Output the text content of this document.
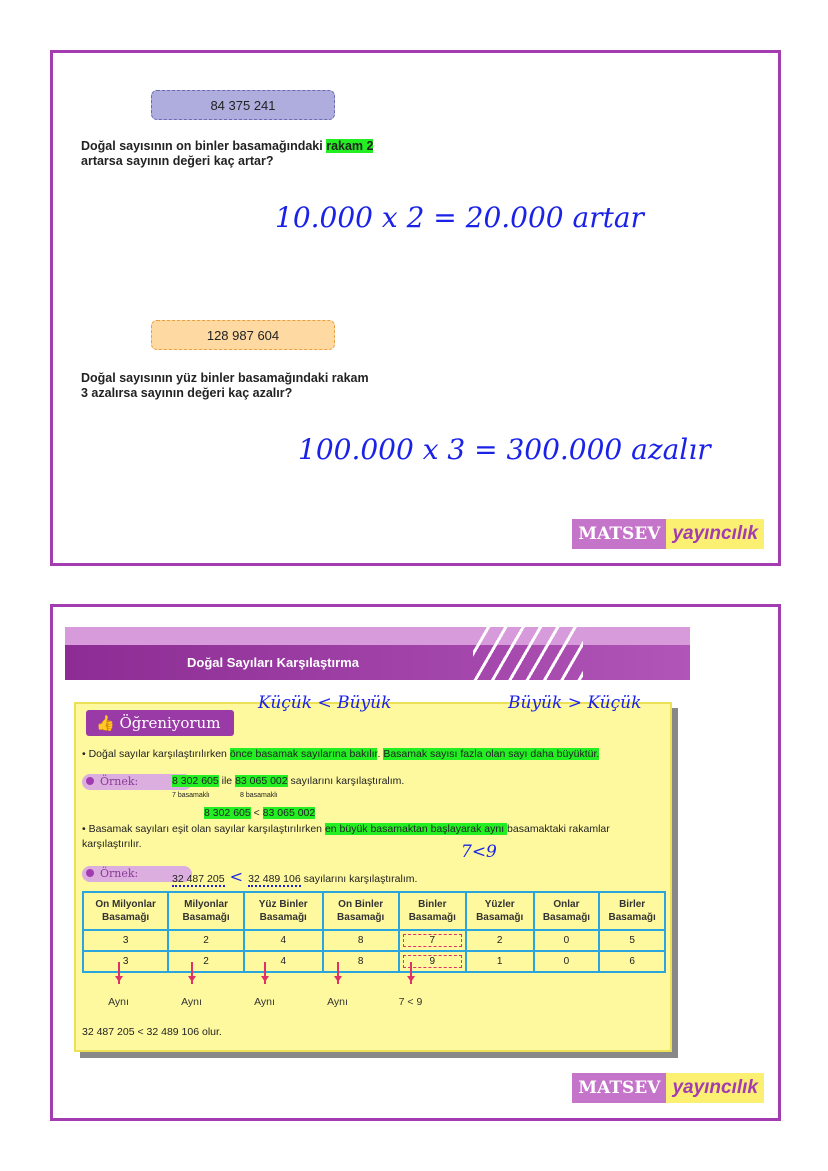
84 375 241
Doğal sayısının on binler basamağındaki rakam 2
artarsa sayının değeri kaç artar?
10.000 x 2 = 20.000 artar
128 987 604
Doğal sayısının yüz binler basamağındaki rakam
3 azalırsa sayının değeri kaç azalır?
100.000 x 3 = 300.000 azalır
MATSEV yayıncılık
Doğal Sayıları Karşılaştırma
Küçük < Büyük	Büyük > Küçük
👍 Öğreniyorum
• Doğal sayılar karşılaştırılırken önce basamak sayılarına bakılır. Basamak sayısı fazla olan sayı daha büyüktür.
Örnek:	8 302 605 ile 83 065 002 sayılarını karşılaştıralım.
7 basamaklı	8 basamaklı
8 302 605 < 83 065 002
• Basamak sayıları eşit olan sayılar karşılaştırılırken en büyük basamaktan başlayarak aynı basamaktaki rakamlar
karşılaştırılır.	7<9
Örnek:	32 487 205 < 32 489 106 sayılarını karşılaştıralım.
On Milyonlar Basamağı	Milyonlar Basamağı	Yüz Binler Basamağı	On Binler Basamağı	Binler Basamağı	Yüzler Basamağı	Onlar Basamağı	Birler Basamağı
3	2	4	8	7	2	0	5
3	2	4	8	9	1	0	6
Aynı	Aynı	Aynı	Aynı	7 < 9
32 487 205 < 32 489 106 olur.
MATSEV yayıncılık
